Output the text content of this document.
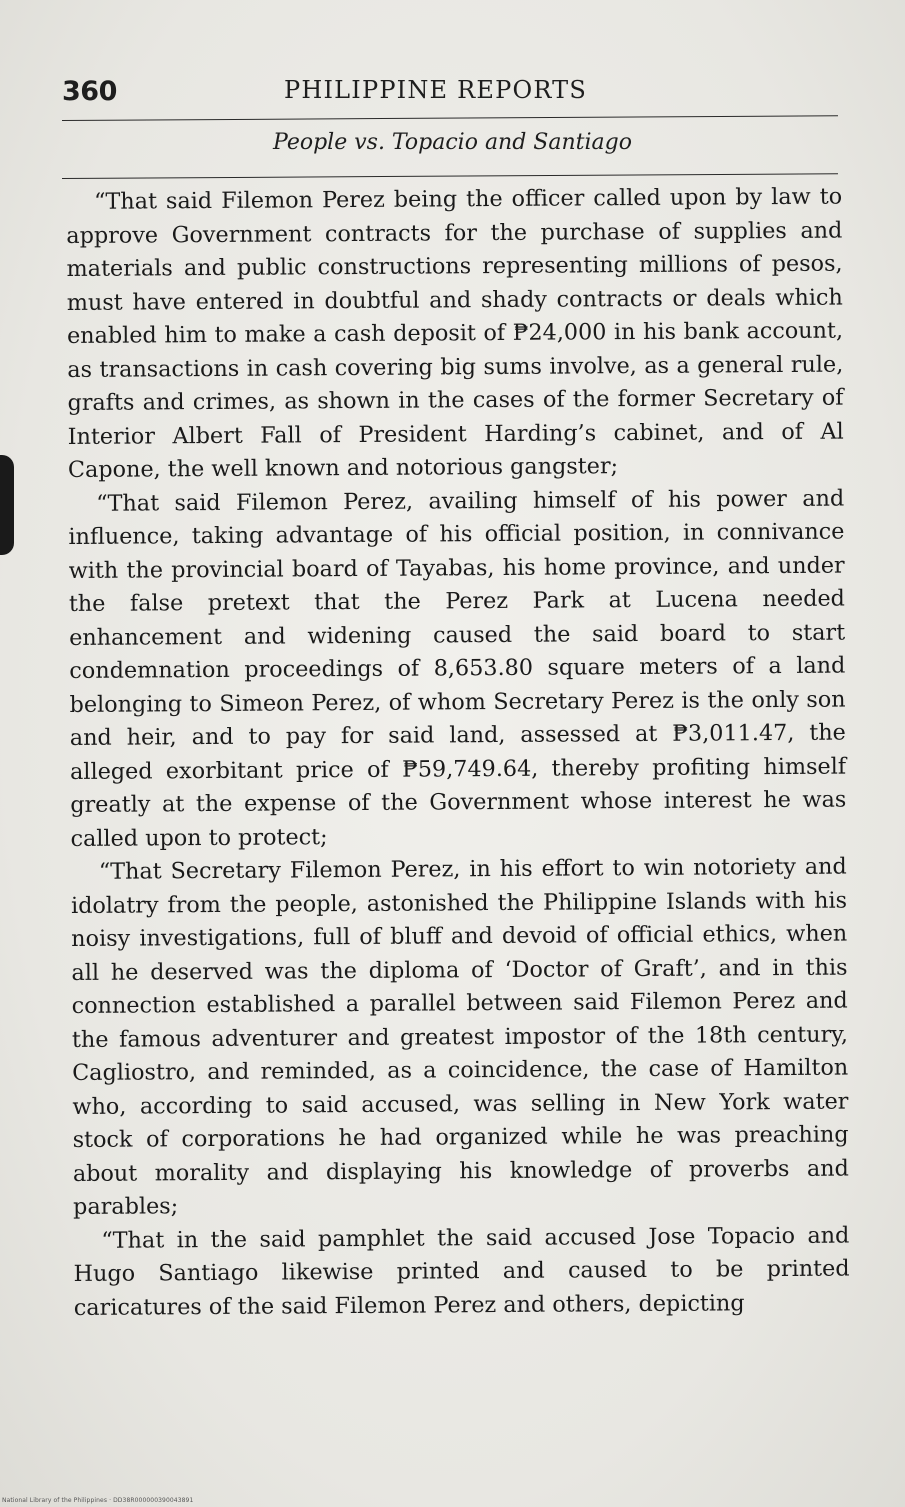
360	PHILIPPINE REPORTS
People vs. Topacio and Santiago

“That said Filemon Perez being the officer called upon by law to approve Government contracts for the purchase of supplies and materials and public constructions representing millions of pesos, must have entered in doubtful and shady contracts or deals which enabled him to make a cash deposit of ₱24,000 in his bank account, as transactions in cash covering big sums involve, as a general rule, grafts and crimes, as shown in the cases of the former Secretary of Interior Albert Fall of President Harding’s cabinet, and of Al Capone, the well known and notorious gangster;

“That said Filemon Perez, availing himself of his power and influence, taking advantage of his official position, in connivance with the provincial board of Tayabas, his home province, and under the false pretext that the Perez Park at Lucena needed enhancement and widening caused the said board to start condemnation proceedings of 8,653.80 square meters of a land belonging to Simeon Perez, of whom Secretary Perez is the only son and heir, and to pay for said land, assessed at ₱3,011.47, the alleged exorbitant price of ₱59,749.64, thereby profiting himself greatly at the expense of the Government whose interest he was called upon to protect;

“That Secretary Filemon Perez, in his effort to win notoriety and idolatry from the people, astonished the Philippine Islands with his noisy investigations, full of bluff and devoid of official ethics, when all he deserved was the diploma of ‘Doctor of Graft’, and in this connection established a parallel between said Filemon Perez and the famous adventurer and greatest impostor of the 18th century, Cagliostro, and reminded, as a coincidence, the case of Hamilton who, according to said accused, was selling in New York water stock of corporations he had organized while he was preaching about morality and displaying his knowledge of proverbs and parables;

“That in the said pamphlet the said accused Jose Topacio and Hugo Santiago likewise printed and caused to be printed caricatures of the said Filemon Perez and others, depicting

National Library of the Philippines · DD38R000000390043891
